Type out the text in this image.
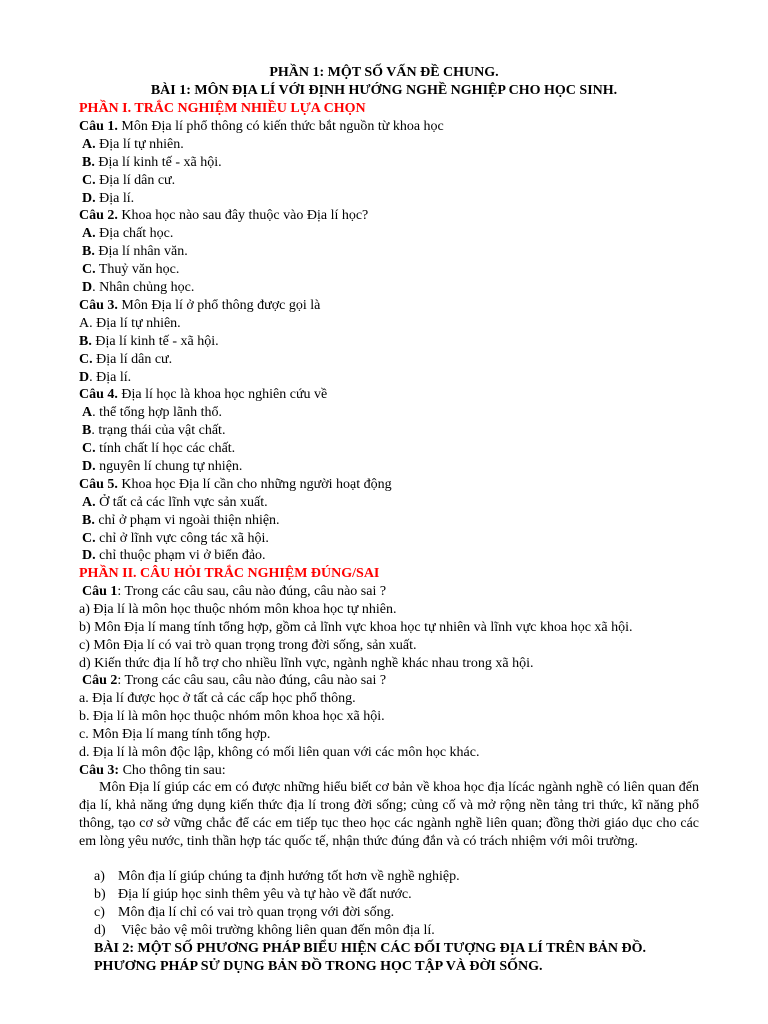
PHẦN 1: MỘT SỐ VẤN ĐỀ CHUNG.
BÀI 1: MÔN ĐỊA LÍ VỚI ĐỊNH HƯỚNG NGHỀ NGHIỆP CHO HỌC SINH.
PHẦN I. TRẮC NGHIỆM NHIỀU LỰA CHỌN
Câu 1. Môn Địa lí phổ thông có kiến thức bắt nguồn từ khoa học
A. Địa lí tự nhiên.
B. Địa lí kinh tế - xã hội.
C. Địa lí dân cư.
D. Địa lí.
Câu 2. Khoa học nào sau đây thuộc vào Địa lí học?
A. Địa chất học.
B. Địa lí nhân văn.
C. Thuỷ văn học.
D. Nhân chủng học.
Câu 3. Môn Địa lí ở phổ thông được gọi là
A. Địa lí tự nhiên.
B. Địa lí kinh tế - xã hội.
C. Địa lí dân cư.
D. Địa lí.
Câu 4. Địa lí học là khoa học nghiên cứu về
A. thể tổng hợp lãnh thổ.
B. trạng thái của vật chất.
C. tính chất lí học các chất.
D. nguyên lí chung tự nhiện.
Câu 5. Khoa học Địa lí cần cho những người hoạt động
A. Ở tất cả các lĩnh vực sản xuất.
B. chỉ ở phạm vi ngoài thiện nhiện.
C. chỉ ở lĩnh vực công tác xã hội.
D. chỉ thuộc phạm vi ở biển đảo.
PHẦN II. CÂU HỎI TRẮC NGHIỆM ĐÚNG/SAI
Câu 1: Trong các câu sau, câu nào đúng, câu nào sai ?
a) Địa lí là môn học thuộc nhóm môn khoa học tự nhiên.
b) Môn Địa lí mang tính tổng hợp, gồm cả lĩnh vực khoa học tự nhiên và lĩnh vực khoa học xã hội.
c) Môn Địa lí có vai trò quan trọng trong đời sống, sản xuất.
d) Kiến thức địa lí hỗ trợ cho nhiều lĩnh vực, ngành nghề khác nhau trong xã hội.
Câu 2: Trong các câu sau, câu nào đúng, câu nào sai ?
a. Địa lí được học ở tất cả các cấp học phổ thông.
b. Địa lí là môn học thuộc nhóm môn khoa học xã hội.
c. Môn Địa lí mang tính tổng hợp.
d. Địa lí là môn độc lập, không có mối liên quan với các môn học khác.
Câu 3: Cho thông tin sau:
Môn Địa lí giúp các em có được những hiểu biết cơ bản về khoa học địa lícác ngành nghề có liên quan đến địa lí, khả năng ứng dụng kiến thức địa lí trong đời sống; củng cố và mở rộng nền tảng tri thức, kĩ năng phổ thông, tạo cơ sở vững chắc để các em tiếp tục theo học các ngành nghề liên quan; đồng thời giáo dục cho các em lòng yêu nước, tinh thần hợp tác quốc tế, nhận thức đúng đắn và có trách nhiệm với môi trường.
a) Môn địa lí giúp chúng ta định hướng tốt hơn về nghề nghiệp.
b) Địa lí giúp học sinh thêm yêu và tự hào về đất nước.
c) Môn địa lí chỉ có vai trò quan trọng với đời sống.
d) Việc bảo vệ môi trường không liên quan đến môn địa lí.
BÀI 2: MỘT SỐ PHƯƠNG PHÁP BIỂU HIỆN CÁC ĐỐI TƯỢNG ĐỊA LÍ TRÊN BẢN ĐỒ. PHƯƠNG PHÁP SỬ DỤNG BẢN ĐỒ TRONG HỌC TẬP VÀ ĐỜI SỐNG.
